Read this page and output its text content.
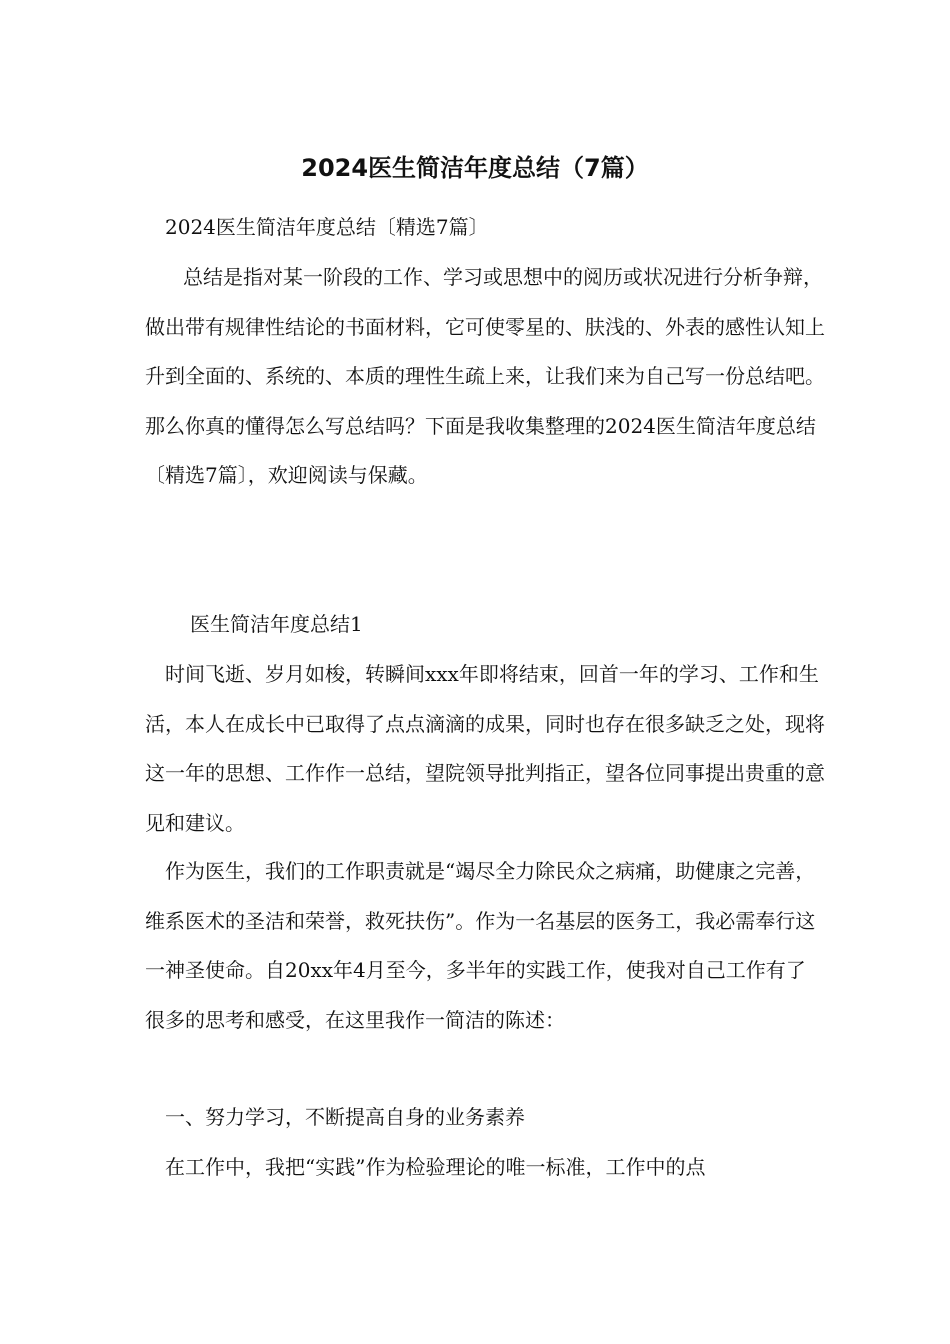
2024医生简洁年度总结（7篇）

2024医生简洁年度总结〔精选7篇〕

总结是指对某一阶段的工作、学习或思想中的阅历或状况进行分析争辩，做出带有规律性结论的书面材料，它可使零星的、肤浅的、外表的感性认知上升到全面的、系统的、本质的理性生疏上来，让我们来为自己写一份总结吧。那么你真的懂得怎么写总结吗？下面是我收集整理的2024医生简洁年度总结〔精选7篇〕，欢迎阅读与保藏。

医生简洁年度总结1

时间飞逝、岁月如梭，转瞬间xxx年即将结束，回首一年的学习、工作和生活，本人在成长中已取得了点点滴滴的成果，同时也存在很多缺乏之处，现将这一年的思想、工作作一总结，望院领导批判指正，望各位同事提出贵重的意见和建议。

作为医生，我们的工作职责就是“竭尽全力除民众之病痛，助健康之完善，维系医术的圣洁和荣誉，救死扶伤”。作为一名基层的医务工，我必需奉行这一神圣使命。自20xx年4月至今，多半年的实践工作，使我对自己工作有了很多的思考和感受，在这里我作一简洁的陈述：

一、努力学习，不断提高自身的业务素养

在工作中，我把“实践”作为检验理论的唯一标准，工作中的点
